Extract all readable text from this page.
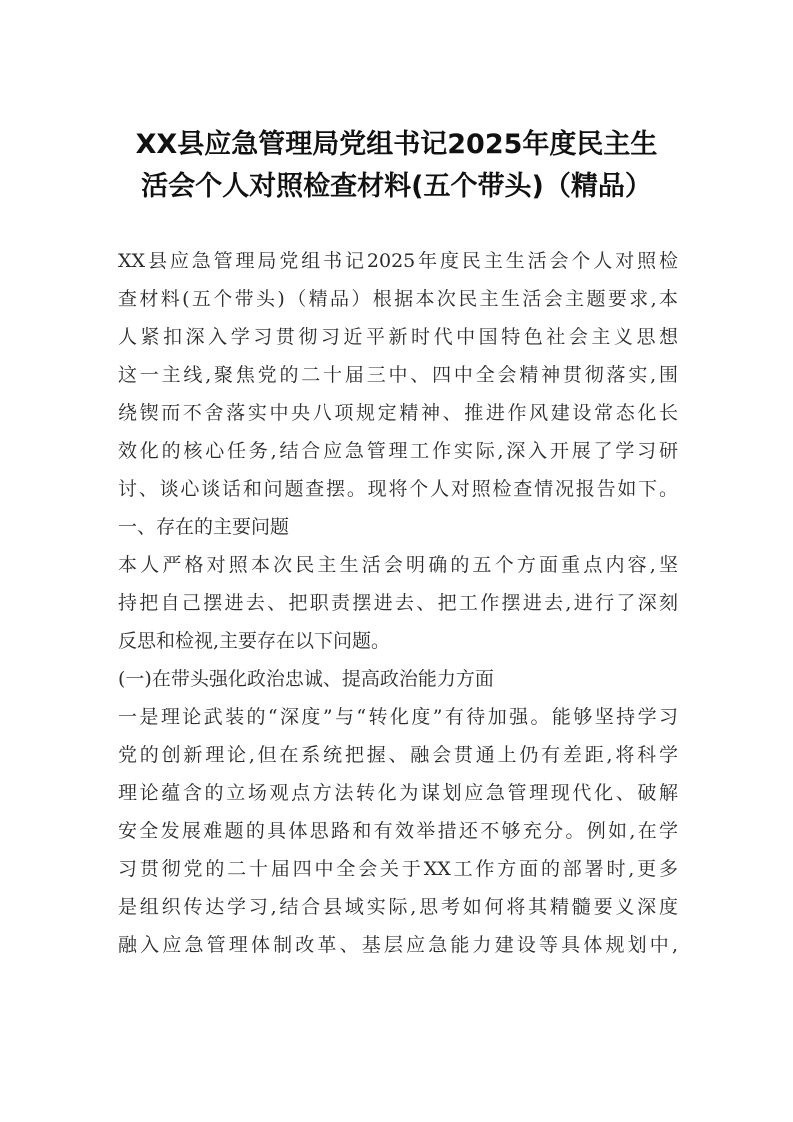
XX县应急管理局党组书记2025年度民主生
活会个人对照检查材料(五个带头)（精品）
XX县应急管理局党组书记2025年度民主生活会个人对照检
查材料(五个带头)（精品）根据本次民主生活会主题要求,本
人紧扣深入学习贯彻习近平新时代中国特色社会主义思想
这一主线,聚焦党的二十届三中、四中全会精神贯彻落实,围
绕锲而不舍落实中央八项规定精神、推进作风建设常态化长
效化的核心任务,结合应急管理工作实际,深入开展了学习研
讨、谈心谈话和问题查摆。现将个人对照检查情况报告如下。
一、存在的主要问题
本人严格对照本次民主生活会明确的五个方面重点内容,坚
持把自己摆进去、把职责摆进去、把工作摆进去,进行了深刻
反思和检视,主要存在以下问题。
(一)在带头强化政治忠诚、提高政治能力方面
一是理论武装的“深度”与“转化度”有待加强。能够坚持学习
党的创新理论,但在系统把握、融会贯通上仍有差距,将科学
理论蕴含的立场观点方法转化为谋划应急管理现代化、破解
安全发展难题的具体思路和有效举措还不够充分。例如,在学
习贯彻党的二十届四中全会关于XX工作方面的部署时,更多
是组织传达学习,结合县域实际,思考如何将其精髓要义深度
融入应急管理体制改革、基层应急能力建设等具体规划中,
